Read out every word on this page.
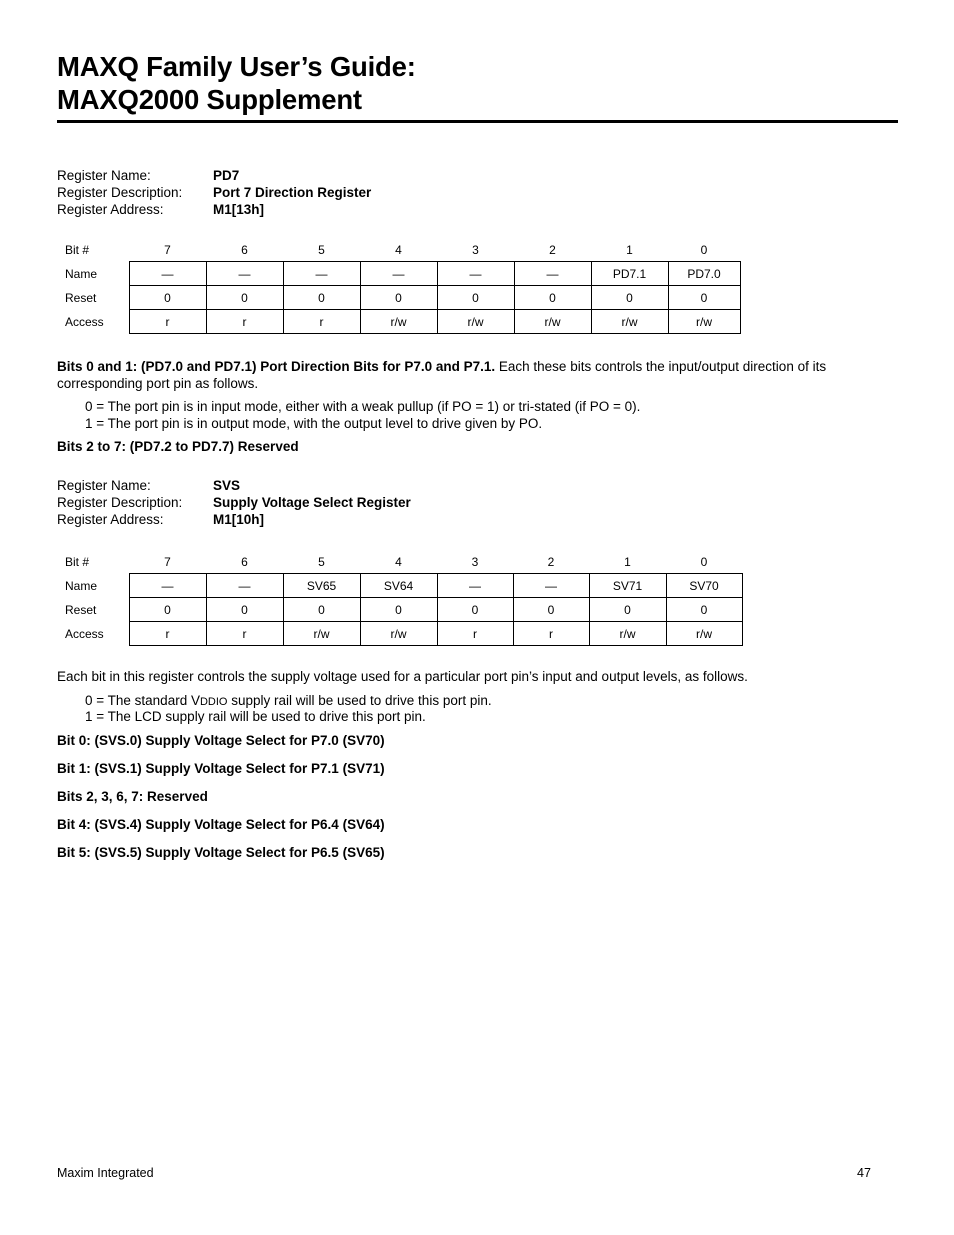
MAXQ Family User’s Guide:
MAXQ2000 Supplement
Register Name:	PD7
Register Description:	Port 7 Direction Register
Register Address:	M1[13h]
Bit #	7	6	5	4	3	2	1	0
Name	—	—	—	—	—	—	PD7.1	PD7.0
Reset	0	0	0	0	0	0	0	0
Access	r	r	r	r/w	r/w	r/w	r/w	r/w
Bits 0 and 1: (PD7.0 and PD7.1) Port Direction Bits for P7.0 and P7.1. Each these bits controls the input/output direction of its corresponding port pin as follows.
0 = The port pin is in input mode, either with a weak pullup (if PO = 1) or tri-stated (if PO = 0).
1 = The port pin is in output mode, with the output level to drive given by PO.
Bits 2 to 7: (PD7.2 to PD7.7) Reserved
Register Name:	SVS
Register Description:	Supply Voltage Select Register
Register Address:	M1[10h]
Bit #	7	6	5	4	3	2	1	0
Name	—	—	SV65	SV64	—	—	SV71	SV70
Reset	0	0	0	0	0	0	0	0
Access	r	r	r/w	r/w	r	r	r/w	r/w
Each bit in this register controls the supply voltage used for a particular port pin’s input and output levels, as follows.
0 = The standard VDDIO supply rail will be used to drive this port pin.
1 = The LCD supply rail will be used to drive this port pin.
Bit 0: (SVS.0) Supply Voltage Select for P7.0 (SV70)
Bit 1: (SVS.1) Supply Voltage Select for P7.1 (SV71)
Bits 2, 3, 6, 7: Reserved
Bit 4: (SVS.4) Supply Voltage Select for P6.4 (SV64)
Bit 5: (SVS.5) Supply Voltage Select for P6.5 (SV65)
Maxim Integrated	47
